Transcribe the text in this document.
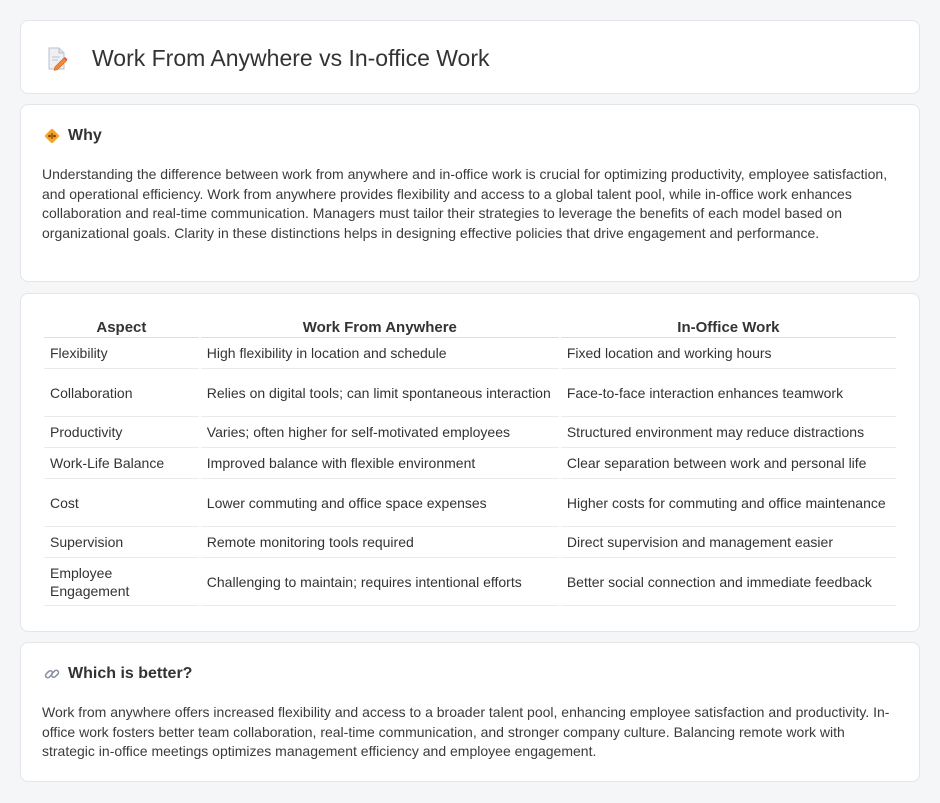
Work From Anywhere vs In-office Work
Why

Understanding the difference between work from anywhere and in-office work is crucial for optimizing productivity, employee satisfaction, and operational efficiency. Work from anywhere provides flexibility and access to a global talent pool, while in-office work enhances collaboration and real-time communication. Managers must tailor their strategies to leverage the benefits of each model based on organizational goals. Clarity in these distinctions helps in designing effective policies that drive engagement and performance.

Aspect	Work From Anywhere	In-Office Work
Flexibility	High flexibility in location and schedule	Fixed location and working hours
Collaboration	Relies on digital tools; can limit spontaneous interaction	Face-to-face interaction enhances teamwork
Productivity	Varies; often higher for self-motivated employees	Structured environment may reduce distractions
Work-Life Balance	Improved balance with flexible environment	Clear separation between work and personal life
Cost	Lower commuting and office space expenses	Higher costs for commuting and office maintenance
Supervision	Remote monitoring tools required	Direct supervision and management easier
Employee Engagement	Challenging to maintain; requires intentional efforts	Better social connection and immediate feedback
Which is better?

Work from anywhere offers increased flexibility and access to a broader talent pool, enhancing employee satisfaction and productivity. In-office work fosters better team collaboration, real-time communication, and stronger company culture. Balancing remote work with strategic in-office meetings optimizes management efficiency and employee engagement.
